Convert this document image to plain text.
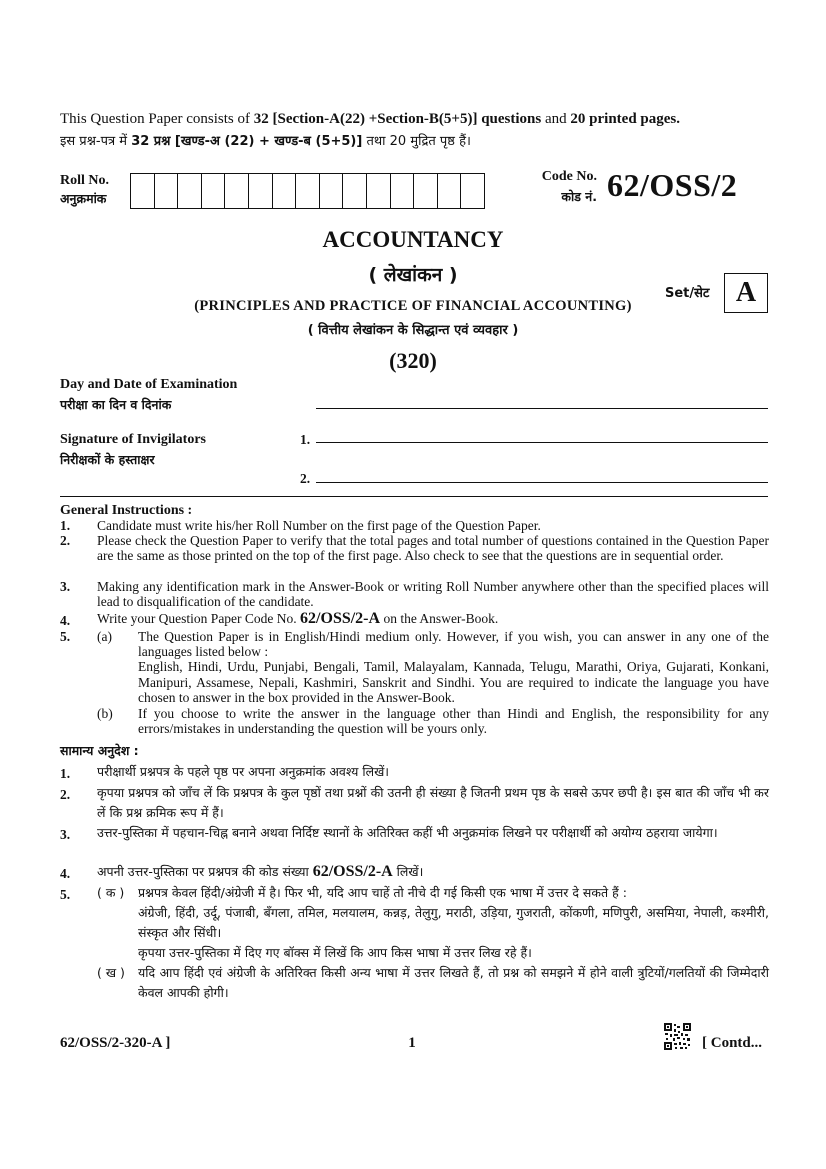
This Question Paper consists of 32 [Section-A(22) +Section-B(5+5)] questions and 20 printed pages.
इस प्रश्न-पत्र में 32 प्रश्न [खण्ड-अ (22) + खण्ड-ब (5+5)] तथा 20 मुद्रित पृष्ठ हैं।
Roll No.
अनुक्रमांक
Code No.
कोड नं. 62/OSS/2
ACCOUNTANCY
( लेखांकन )
(PRINCIPLES AND PRACTICE OF FINANCIAL ACCOUNTING)
( वित्तीय लेखांकन के सिद्धान्त एवं व्यवहार )
(320)
Set/सेट A
Day and Date of Examination
परीक्षा का दिन व दिनांक
Signature of Invigilators
निरीक्षकों के हस्ताक्षर
1.
2.
General Instructions :
1.	Candidate must write his/her Roll Number on the first page of the Question Paper.
2.	Please check the Question Paper to verify that the total pages and total number of questions contained in the Question Paper are the same as those printed on the top of the first page. Also check to see that the questions are in sequential order.
3.	Making any identification mark in the Answer-Book or writing Roll Number anywhere other than the specified places will lead to disqualification of the candidate.
4.	Write your Question Paper Code No. 62/OSS/2-A on the Answer-Book.
5.	(a)	The Question Paper is in English/Hindi medium only. However, if you wish, you can answer in any one of the languages listed below :
English, Hindi, Urdu, Punjabi, Bengali, Tamil, Malayalam, Kannada, Telugu, Marathi, Oriya, Gujarati, Konkani, Manipuri, Assamese, Nepali, Kashmiri, Sanskrit and Sindhi. You are required to indicate the language you have chosen to answer in the box provided in the Answer-Book.
(b)	If you choose to write the answer in the language other than Hindi and English, the responsibility for any errors/mistakes in understanding the question will be yours only.
सामान्य अनुदेश :
1.	परीक्षार्थी प्रश्नपत्र के पहले पृष्ठ पर अपना अनुक्रमांक अवश्य लिखें।
2.	कृपया प्रश्नपत्र को जाँच लें कि प्रश्नपत्र के कुल पृष्ठों तथा प्रश्नों की उतनी ही संख्या है जितनी प्रथम पृष्ठ के सबसे ऊपर छपी है। इस बात की जाँच भी कर लें कि प्रश्न क्रमिक रूप में हैं।
3.	उत्तर-पुस्तिका में पहचान-चिह्न बनाने अथवा निर्दिष्ट स्थानों के अतिरिक्त कहीं भी अनुक्रमांक लिखने पर परीक्षार्थी को अयोग्य ठहराया जायेगा।
4.	अपनी उत्तर-पुस्तिका पर प्रश्नपत्र की कोड संख्या 62/OSS/2-A लिखें।
5.	( क )	प्रश्नपत्र केवल हिंदी/अंग्रेजी में है। फिर भी, यदि आप चाहें तो नीचे दी गई किसी एक भाषा में उत्तर दे सकते हैं :
अंग्रेजी, हिंदी, उर्दू, पंजाबी, बँगला, तमिल, मलयालम, कन्नड़, तेलुगु, मराठी, उड़िया, गुजराती, कोंकणी, मणिपुरी, असमिया, नेपाली, कश्मीरी, संस्कृत और सिंधी।
कृपया उत्तर-पुस्तिका में दिए गए बॉक्स में लिखें कि आप किस भाषा में उत्तर लिख रहे हैं।
( ख )	यदि आप हिंदी एवं अंग्रेजी के अतिरिक्त किसी अन्य भाषा में उत्तर लिखते हैं, तो प्रश्न को समझने में होने वाली त्रुटियों/गलतियों की जिम्मेदारी केवल आपकी होगी।
62/OSS/2-320-A ]	1	[ Contd...
